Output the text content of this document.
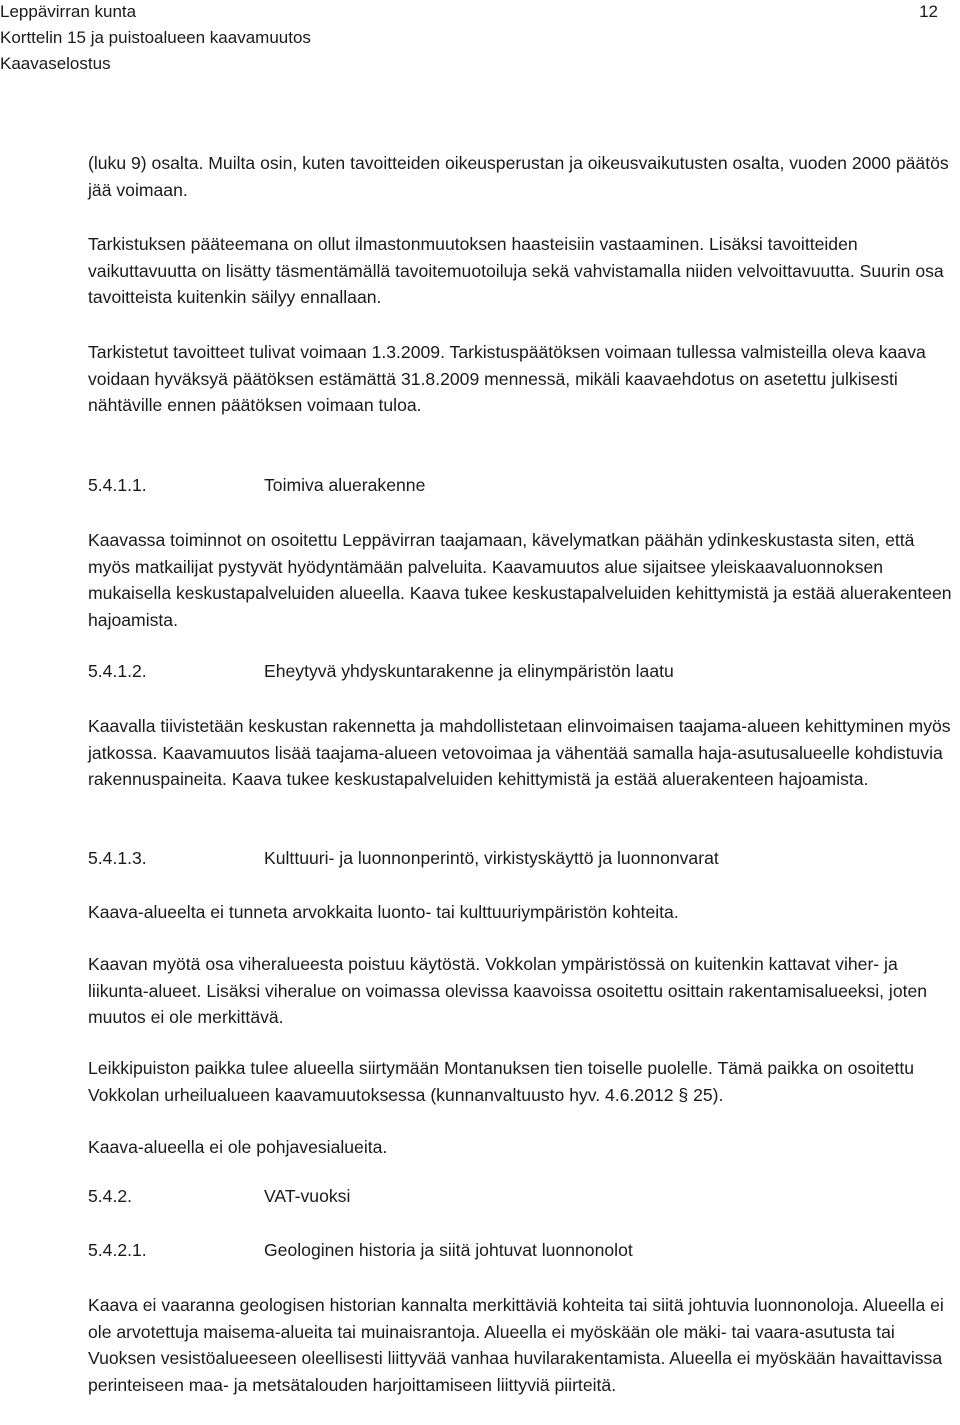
Leppävirran kunta
Korttelin 15 ja puistoalueen kaavamuutos
Kaavaselostus
12

(luku 9) osalta. Muilta osin, kuten tavoitteiden oikeusperustan ja oikeusvaikutusten osalta, vuoden 2000 päätös jää voimaan.

Tarkistuksen pääteemana on ollut ilmastonmuutoksen haasteisiin vastaaminen. Lisäksi tavoitteiden vaikuttavuutta on lisätty täsmentämällä tavoitemuotoiluja sekä vahvistamalla niiden velvoittavuutta. Suurin osa tavoitteista kuitenkin säilyy ennallaan.

Tarkistetut tavoitteet tulivat voimaan 1.3.2009. Tarkistuspäätöksen voimaan tullessa valmisteilla oleva kaava voidaan hyväksyä päätöksen estämättä 31.8.2009 mennessä, mikäli kaavaehdotus on asetettu julkisesti nähtäville ennen päätöksen voimaan tuloa.

5.4.1.1.	Toimiva aluerakenne

Kaavassa toiminnot on osoitettu Leppävirran taajamaan, kävelymatkan päähän ydinkeskustasta siten, että myös matkailijat pystyvät hyödyntämään palveluita. Kaavamuutos alue sijaitsee yleiskaavaluonnoksen mukaisella keskustapalveluiden alueella. Kaava tukee keskustapalveluiden kehittymistä ja estää aluerakenteen hajoamista.

5.4.1.2.	Eheytyvä yhdyskuntarakenne ja elinympäristön laatu

Kaavalla tiivistetään keskustan rakennetta ja mahdollistetaan elinvoimaisen taajama-alueen kehittyminen myös jatkossa. Kaavamuutos lisää taajama-alueen vetovoimaa ja vähentää samalla haja-asutusalueelle kohdistuvia rakennuspaineita. Kaava tukee keskustapalveluiden kehittymistä ja estää aluerakenteen hajoamista.

5.4.1.3.	Kulttuuri- ja luonnonperintö, virkistyskäyttö ja luonnonvarat

Kaava-alueelta ei tunneta arvokkaita luonto- tai kulttuuriympäristön kohteita.

Kaavan myötä osa viheralueesta poistuu käytöstä. Vokkolan ympäristössä on kuitenkin kattavat viher- ja liikunta-alueet. Lisäksi viheralue on voimassa olevissa kaavoissa osoitettu osittain rakentamisalueeksi, joten muutos ei ole merkittävä.

Leikkipuiston paikka tulee alueella siirtymään Montanuksen tien toiselle puolelle. Tämä paikka on osoitettu Vokkolan urheilualueen kaavamuutoksessa (kunnanvaltuusto hyv. 4.6.2012 § 25).

Kaava-alueella ei ole pohjavesialueita.

5.4.2.	VAT-vuoksi
5.4.2.1.	Geologinen historia ja siitä johtuvat luonnonolot

Kaava ei vaaranna geologisen historian kannalta merkittäviä kohteita tai siitä johtuvia luonnonoloja. Alueella ei ole arvotettuja maisema-alueita tai muinaisrantoja. Alueella ei myöskään ole mäki- tai vaara-asutusta tai Vuoksen vesistöalueeseen oleellisesti liittyvää vanhaa huvilarakentamista. Alueella ei myöskään havaittavissa perinteiseen maa- ja metsätalouden harjoittamiseen liittyviä piirteitä.
